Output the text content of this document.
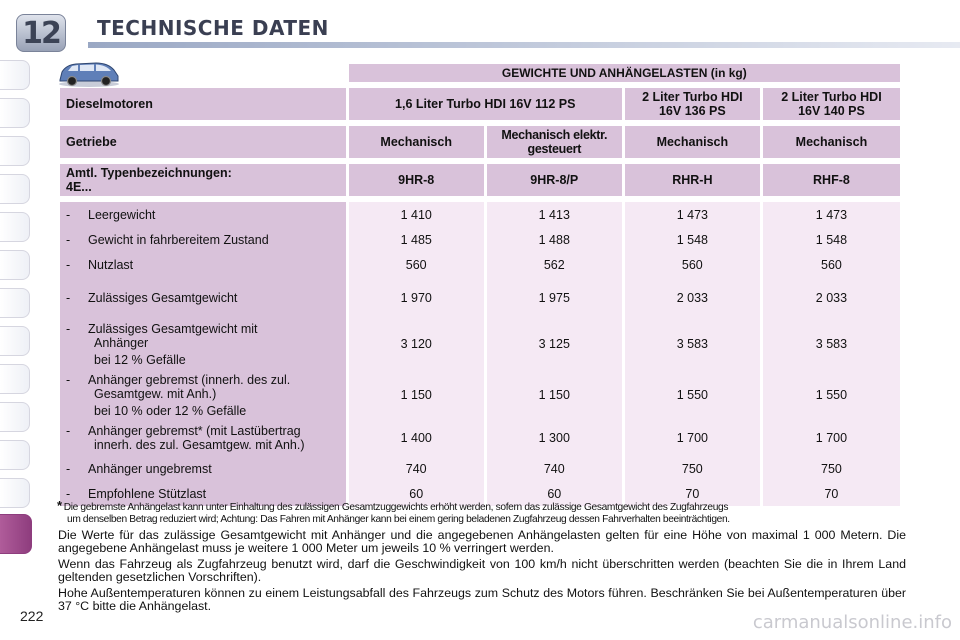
12	TECHNISCHE DATEN
	GEWICHTE UND ANHÄNGELASTEN (in kg)			

Dieselmotoren	1,6 Liter Turbo HDI 16V 112 PS		2 Liter Turbo HDI
16V 136 PS	2 Liter Turbo HDI
16V 140 PS

Getriebe	Mechanisch	Mechanisch elektr. gesteuert	Mechanisch	Mechanisch

Amtl. Typenbezeichnungen:
4E...	9HR-8	9HR-8/P	RHR-H	RHF-8

- Leergewicht	1 410	1 413	1 473	1 473
- Gewicht in fahrbereitem Zustand	1 485	1 488	1 548	1 548
- Nutzlast	560	562	560	560
- Zulässiges Gesamtgewicht	1 970	1 975	2 033	2 033
- Zulässiges Gesamtgewicht mit
Anhänger
bei 12 % Gefälle	3 120	3 125	3 583	3 583
- Anhänger gebremst (innerh. des zul.
Gesamtgew. mit Anh.)
bei 10 % oder 12 % Gefälle	1 150	1 150	1 550	1 550
- Anhänger gebremst* (mit Lastübertrag
innerh. des zul. Gesamtgew. mit Anh.)	1 400	1 300	1 700	1 700
- Anhänger ungebremst	740	740	750	750
- Empfohlene Stützlast	60	60	70	70
* Die gebremste Anhängelast kann unter Einhaltung des zulässigen Gesamtzuggewichts erhöht werden, sofern das zulässige Gesamtgewicht des Zugfahrzeugs
um denselben Betrag reduziert wird; Achtung: Das Fahren mit Anhänger kann bei einem gering beladenen Zugfahrzeug dessen Fahrverhalten beeinträchtigen.
Die Werte für das zulässige Gesamtgewicht mit Anhänger und die angegebenen Anhängelasten gelten für eine Höhe von maximal 1 000 Metern. Die angegebene Anhängelast muss je weitere 1 000 Meter um jeweils 10 % verringert werden.
Wenn das Fahrzeug als Zugfahrzeug benutzt wird, darf die Geschwindigkeit von 100 km/h nicht überschritten werden (beachten Sie die in Ihrem Land geltenden gesetzlichen Vorschriften).
Hohe Außentemperaturen können zu einem Leistungsabfall des Fahrzeugs zum Schutz des Motors führen. Beschränken Sie bei Außentemperaturen über 37 °C bitte die Anhängelast.
222	carmanualsonline.info
